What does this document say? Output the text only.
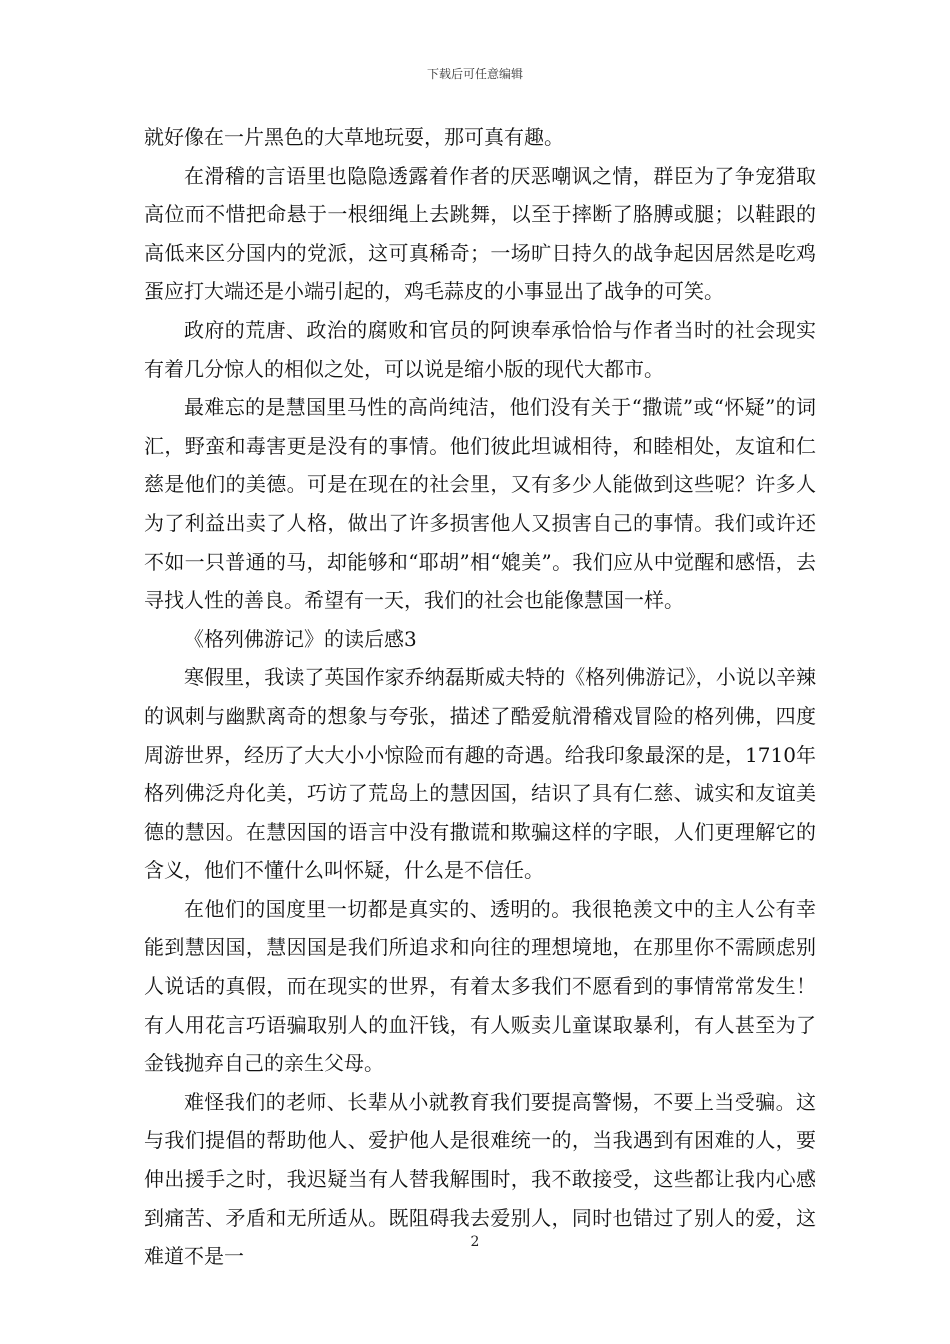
下载后可任意编辑

就好像在一片黑色的大草地玩耍，那可真有趣。

在滑稽的言语里也隐隐透露着作者的厌恶嘲讽之情，群臣为了争宠猎取高位而不惜把命悬于一根细绳上去跳舞，以至于摔断了胳膊或腿；以鞋跟的高低来区分国内的党派，这可真稀奇；一场旷日持久的战争起因居然是吃鸡蛋应打大端还是小端引起的，鸡毛蒜皮的小事显出了战争的可笑。

政府的荒唐、政治的腐败和官员的阿谀奉承恰恰与作者当时的社会现实有着几分惊人的相似之处，可以说是缩小版的现代大都市。

最难忘的是慧国里马性的高尚纯洁，他们没有关于“撒谎”或“怀疑”的词汇，野蛮和毒害更是没有的事情。他们彼此坦诚相待，和睦相处，友谊和仁慈是他们的美德。可是在现在的社会里，又有多少人能做到这些呢？许多人为了利益出卖了人格，做出了许多损害他人又损害自己的事情。我们或许还不如一只普通的马，却能够和“耶胡”相“媲美”。我们应从中觉醒和感悟，去寻找人性的善良。希望有一天，我们的社会也能像慧国一样。

《格列佛游记》的读后感3

寒假里，我读了英国作家乔纳磊斯威夫特的《格列佛游记》，小说以辛辣的讽刺与幽默离奇的想象与夸张，描述了酷爱航滑稽戏冒险的格列佛，四度周游世界，经历了大大小小惊险而有趣的奇遇。给我印象最深的是，1710年格列佛泛舟化美，巧访了荒岛上的慧因国，结识了具有仁慈、诚实和友谊美德的慧因。在慧因国的语言中没有撒谎和欺骗这样的字眼，人们更理解它的含义，他们不懂什么叫怀疑，什么是不信任。

在他们的国度里一切都是真实的、透明的。我很艳羡文中的主人公有幸能到慧因国，慧因国是我们所追求和向往的理想境地，在那里你不需顾虑别人说话的真假，而在现实的世界，有着太多我们不愿看到的事情常常发生！有人用花言巧语骗取别人的血汗钱，有人贩卖儿童谋取暴利，有人甚至为了金钱抛弃自己的亲生父母。

难怪我们的老师、长辈从小就教育我们要提高警惕，不要上当受骗。这与我们提倡的帮助他人、爱护他人是很难统一的，当我遇到有困难的人，要伸出援手之时，我迟疑当有人替我解围时，我不敢接受，这些都让我内心感到痛苦、矛盾和无所适从。既阻碍我去爱别人，同时也错过了别人的爱，这难道不是一

2
